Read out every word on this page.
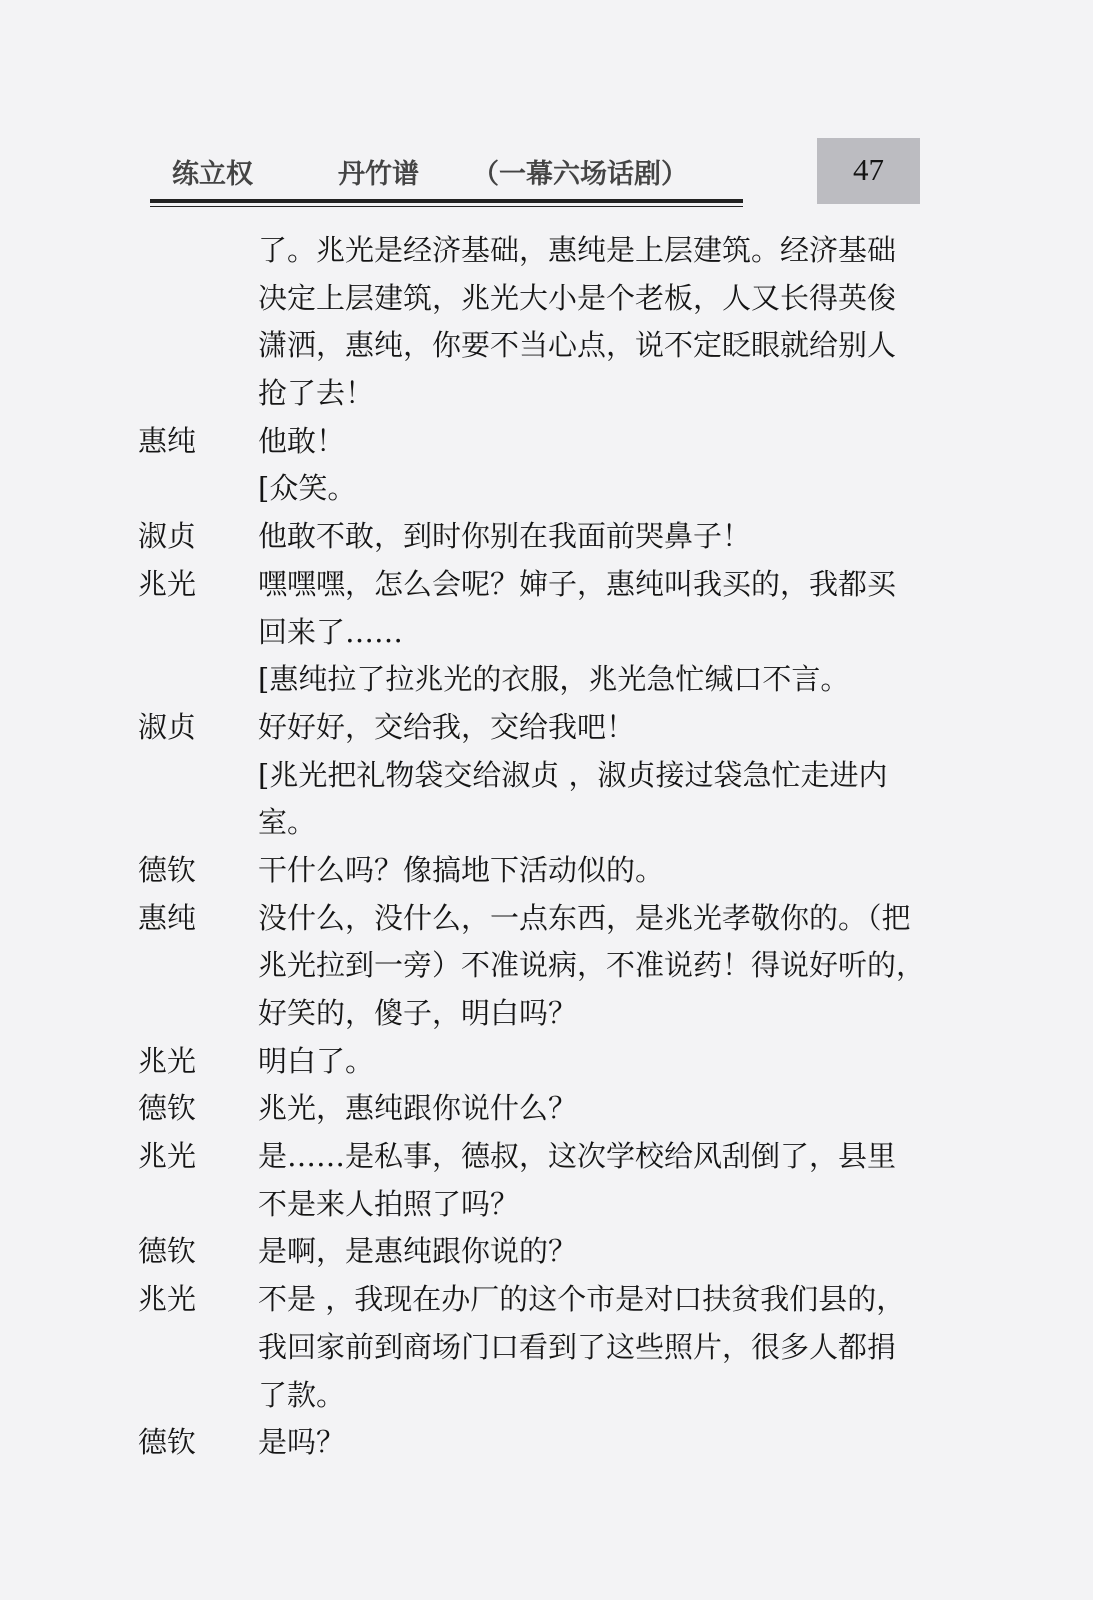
练立权	丹竹谱 （一幕六场话剧）	47
了。兆光是经济基础，惠纯是上层建筑。经济基础
决定上层建筑，兆光大小是个老板，人又长得英俊
潇洒，惠纯，你要不当心点，说不定眨眼就给别人
抢了去！
惠纯	他敢！
[众笑。
淑贞	他敢不敢，到时你别在我面前哭鼻子！
兆光	嘿嘿嘿，怎么会呢？婶子，惠纯叫我买的，我都买
回来了……
[惠纯拉了拉兆光的衣服，兆光急忙缄口不言。
淑贞	好好好，交给我，交给我吧！
[兆光把礼物袋交给淑贞 ，淑贞接过袋急忙走进内
室。
德钦	干什么吗？像搞地下活动似的。
惠纯	没什么，没什么，一点东西，是兆光孝敬你的。（把
兆光拉到一旁）不准说病，不准说药！得说好听的，
好笑的，傻子，明白吗？
兆光	明白了。
德钦	兆光，惠纯跟你说什么？
兆光	是……是私事，德叔，这次学校给风刮倒了，县里
不是来人拍照了吗？
德钦	是啊，是惠纯跟你说的？
兆光	不是 ，我现在办厂的这个市是对口扶贫我们县的，
我回家前到商场门口看到了这些照片，很多人都捐
了款。
德钦	是吗？
